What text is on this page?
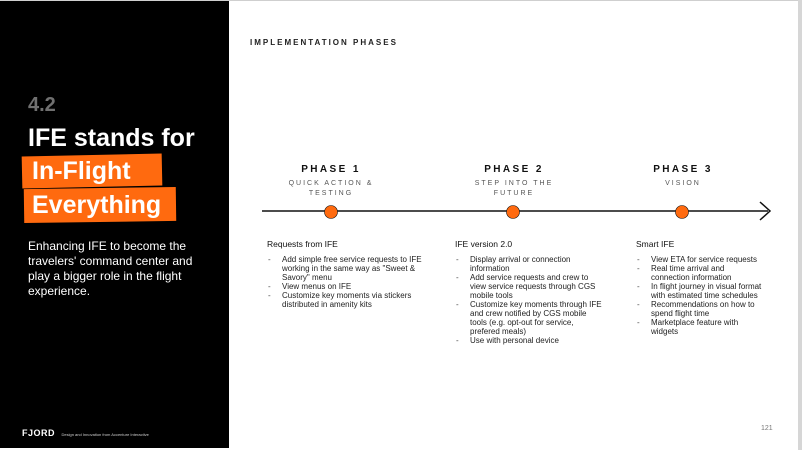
4.2
IFE stands for
In-Flight
Everything
Enhancing IFE to become the travelers' command center and play a bigger role in the flight experience.
FJORD Design and Innovation from Accenture Interactive
IMPLEMENTATION PHASES
PHASE 1
QUICK ACTION &
TESTING
PHASE 2
STEP INTO THE
FUTURE
PHASE 3
VISION
Requests from IFE
- Add simple free service requests to IFE working in the same way as "Sweet & Savory" menu
- View menus on IFE
- Customize key moments via stickers distributed in amenity kits
IFE version 2.0
- Display arrival or connection information
- Add service requests and crew to view service requests through CGS mobile tools
- Customize key moments through IFE and crew notified by CGS mobile tools (e.g. opt-out for service, prefered meals)
- Use with personal device
Smart IFE
- View ETA for service requests
- Real time arrival and connection information
- In flight journey in visual format with estimated time schedules
- Recommendations on how to spend flight time
- Marketplace feature with widgets
121
